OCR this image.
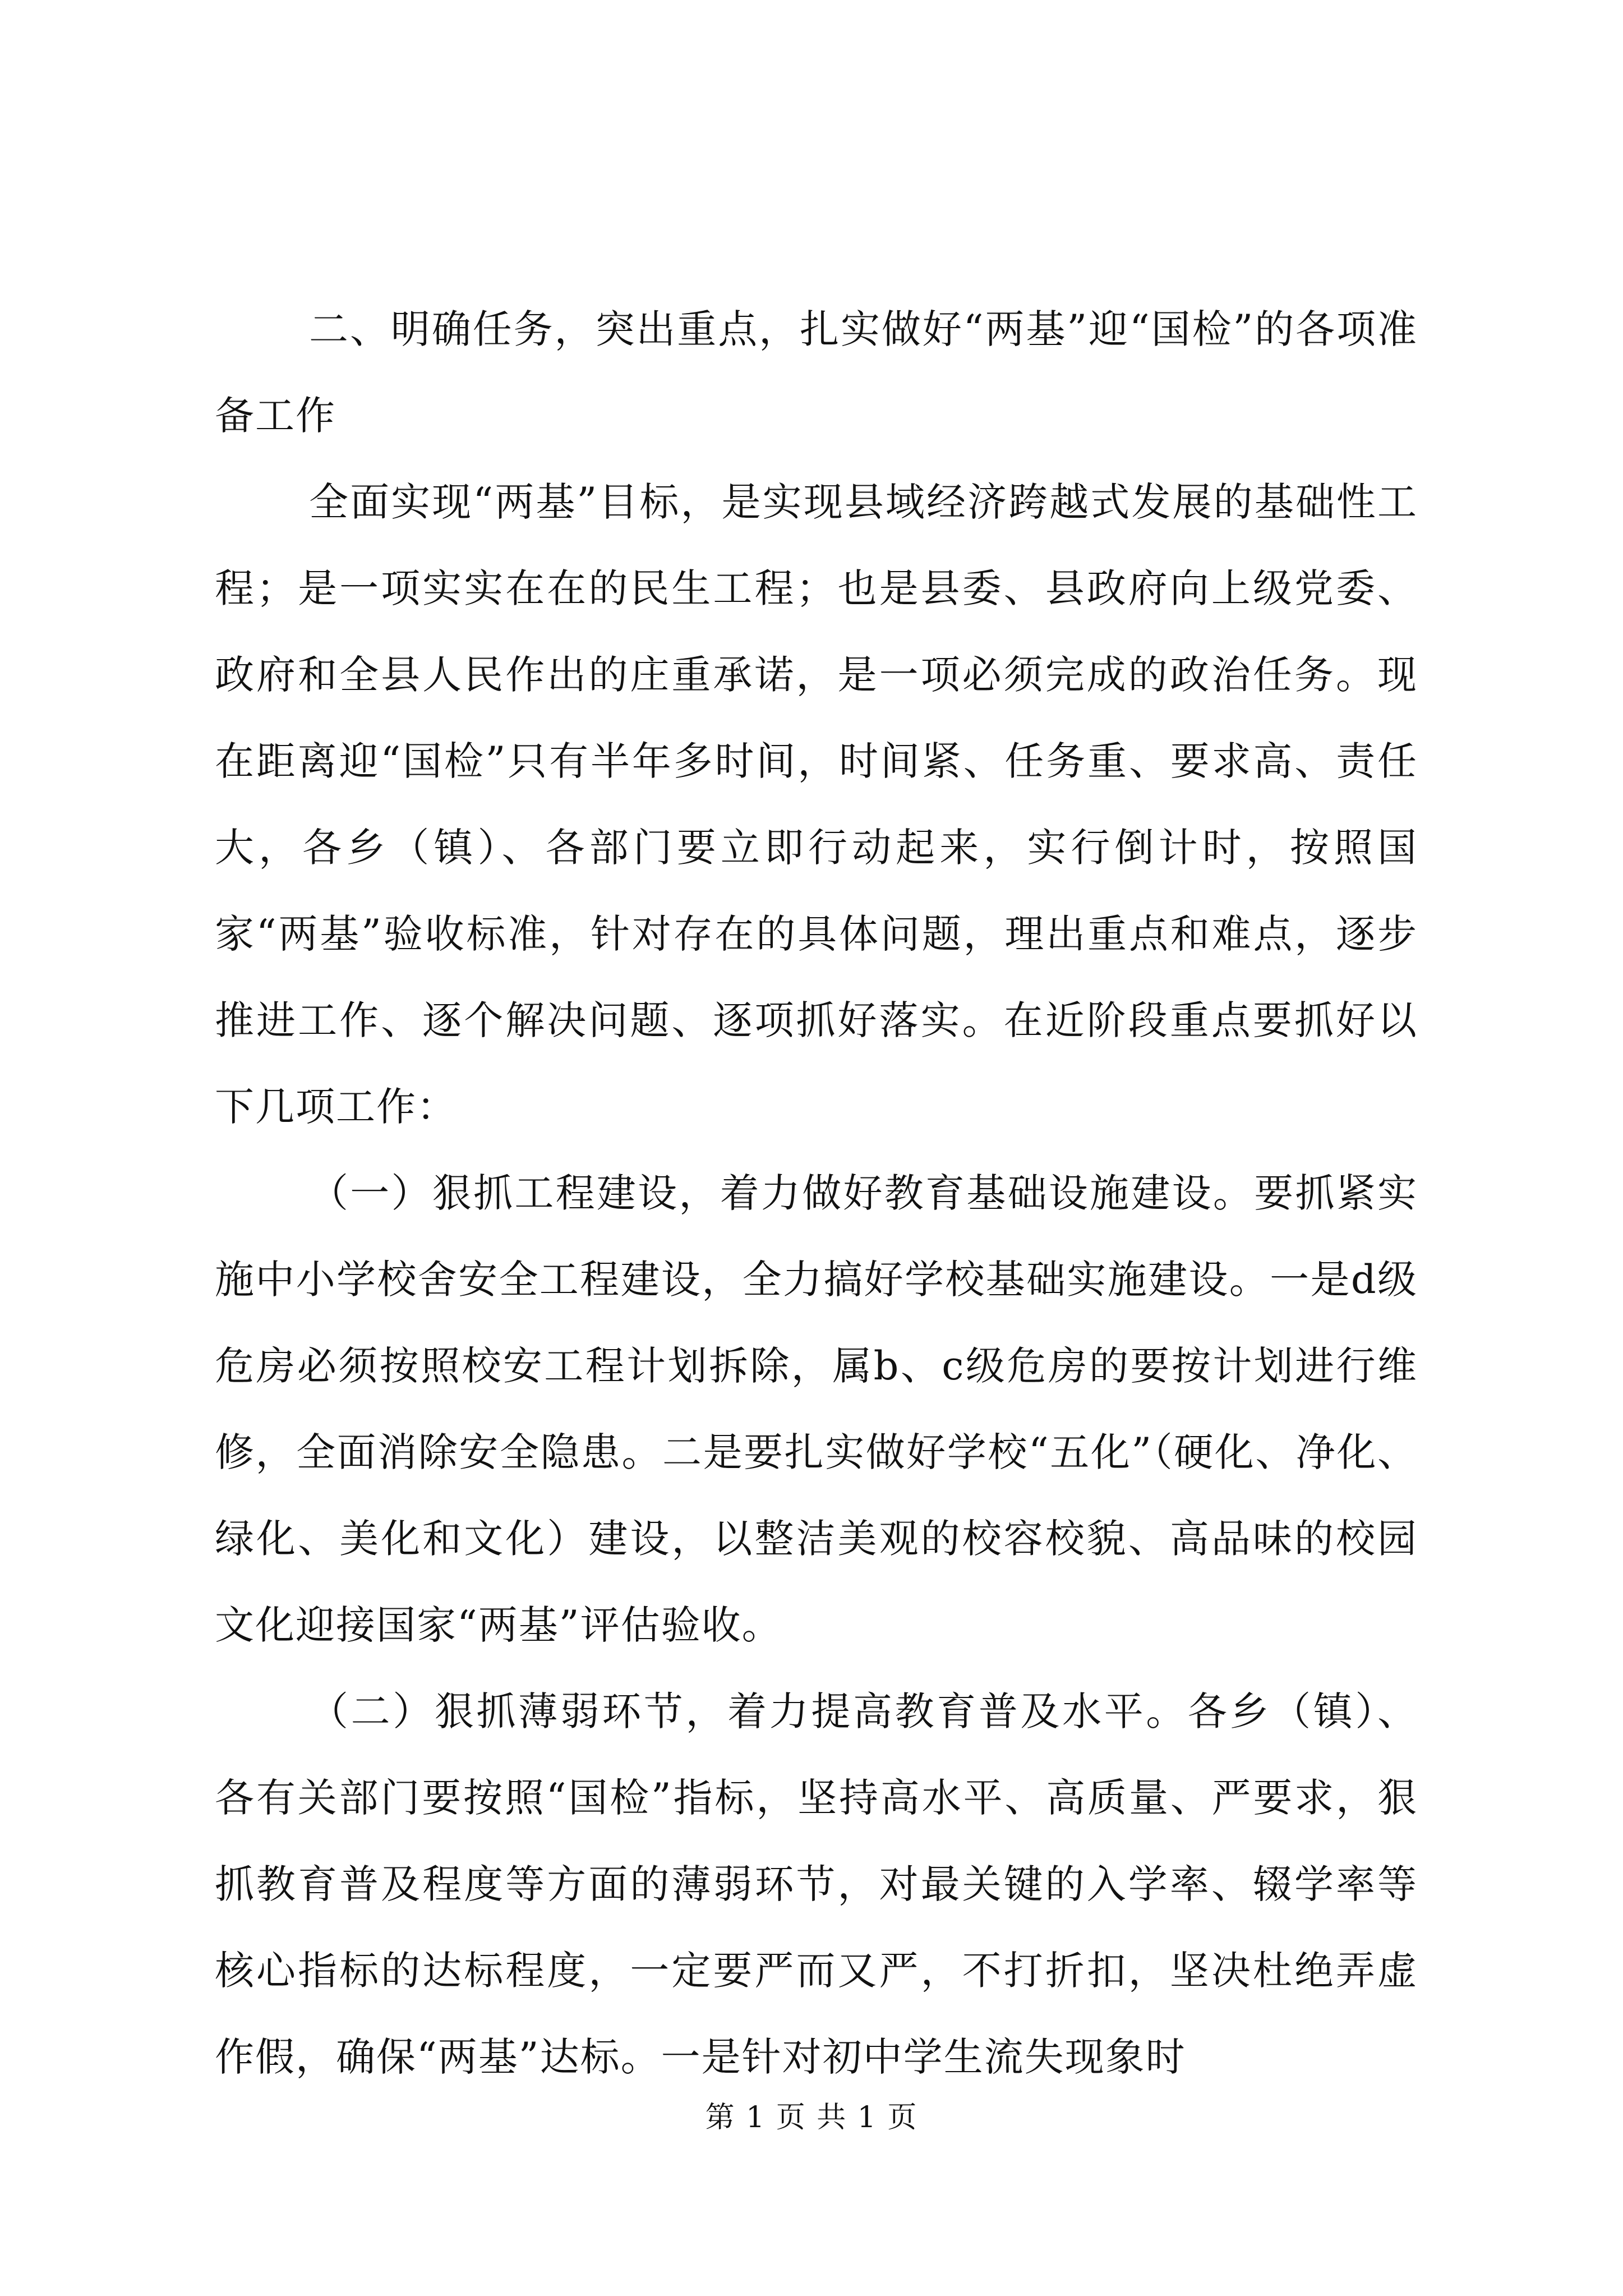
二、明确任务，突出重点，扎实做好“两基”迎“国检”的各项准备工作

全面实现“两基”目标，是实现县域经济跨越式发展的基础性工程；是一项实实在在的民生工程；也是县委、县政府向上级党委、政府和全县人民作出的庄重承诺，是一项必须完成的政治任务。现在距离迎“国检”只有半年多时间，时间紧、任务重、要求高、责任大，各乡（镇）、各部门要立即行动起来，实行倒计时，按照国家“两基”验收标准，针对存在的具体问题，理出重点和难点，逐步推进工作、逐个解决问题、逐项抓好落实。在近阶段重点要抓好以下几项工作：

（一）狠抓工程建设，着力做好教育基础设施建设。要抓紧实施中小学校舍安全工程建设，全力搞好学校基础实施建设。一是d级危房必须按照校安工程计划拆除，属b、c级危房的要按计划进行维修，全面消除安全隐患。二是要扎实做好学校“五化”（硬化、净化、绿化、美化和文化）建设，以整洁美观的校容校貌、高品味的校园文化迎接国家“两基”评估验收。

（二）狠抓薄弱环节，着力提高教育普及水平。各乡（镇）、各有关部门要按照“国检”指标，坚持高水平、高质量、严要求，狠抓教育普及程度等方面的薄弱环节，对最关键的入学率、辍学率等核心指标的达标程度，一定要严而又严，不打折扣，坚决杜绝弄虚作假，确保“两基”达标。一是针对初中学生流失现象时

第 1 页 共 1 页
